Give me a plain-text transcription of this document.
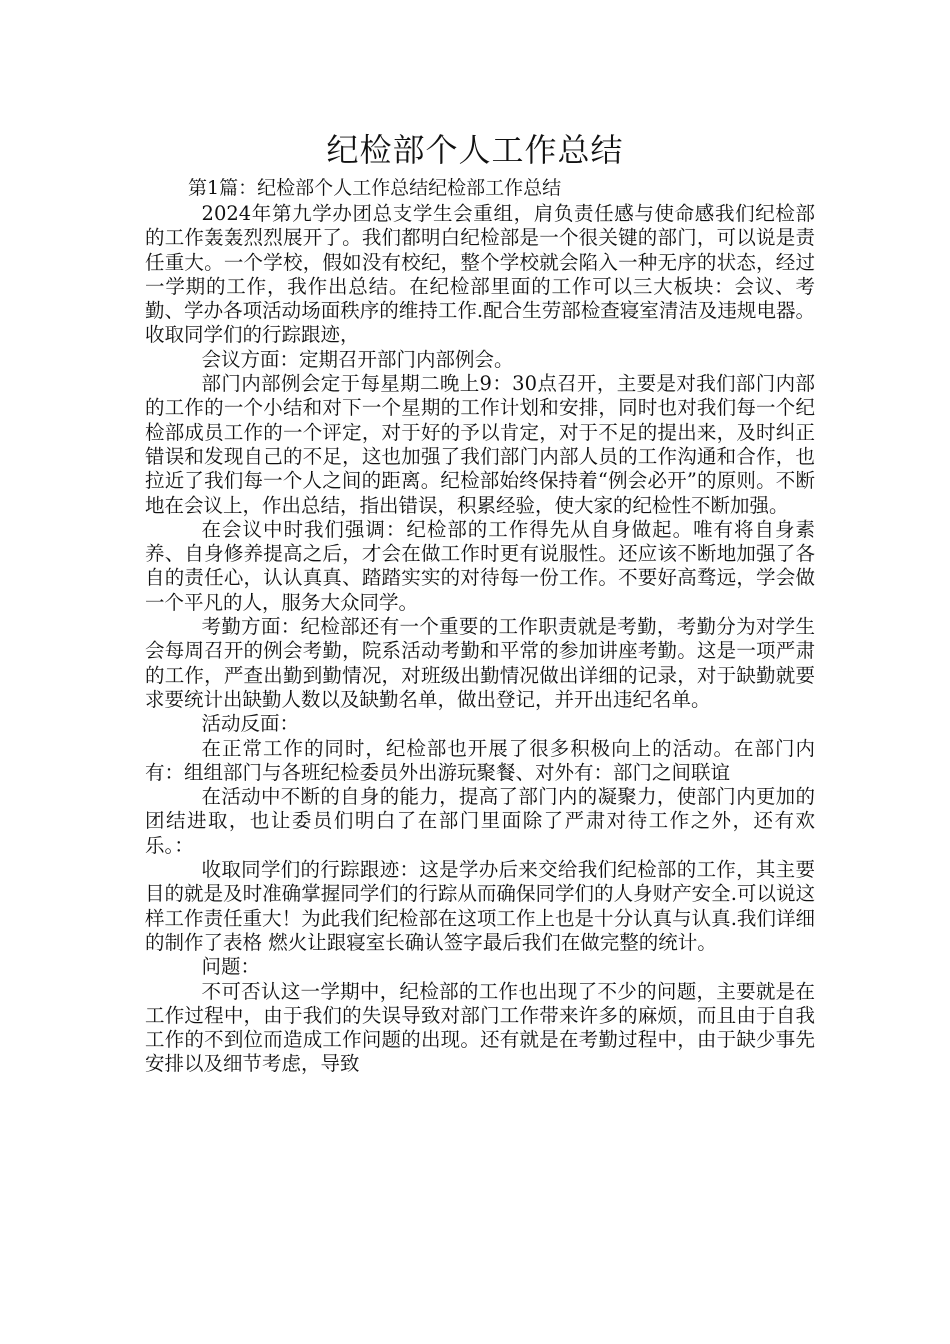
纪检部个人工作总结
第1篇：纪检部个人工作总结纪检部工作总结

2024年第九学办团总支学生会重组，肩负责任感与使命感我们纪检部的工作轰轰烈烈展开了。我们都明白纪检部是一个很关键的部门，可以说是责任重大。一个学校，假如没有校纪，整个学校就会陷入一种无序的状态，经过一学期的工作，我作出总结。在纪检部里面的工作可以三大板块：会议、考勤、学办各项活动场面秩序的维持工作.配合生劳部检查寝室清洁及违规电器。收取同学们的行踪跟迹，

会议方面：定期召开部门内部例会。

部门内部例会定于每星期二晚上9：30点召开，主要是对我们部门内部的工作的一个小结和对下一个星期的工作计划和安排，同时也对我们每一个纪检部成员工作的一个评定，对于好的予以肯定，对于不足的提出来，及时纠正错误和发现自己的不足，这也加强了我们部门内部人员的工作沟通和合作，也拉近了我们每一个人之间的距离。纪检部始终保持着“例会必开”的原则。不断地在会议上，作出总结，指出错误，积累经验，使大家的纪检性不断加强。

在会议中时我们强调：纪检部的工作得先从自身做起。唯有将自身素养、自身修养提高之后，才会在做工作时更有说服性。还应该不断地加强了各自的责任心，认认真真、踏踏实实的对待每一份工作。不要好高骛远，学会做一个平凡的人，服务大众同学。

考勤方面：纪检部还有一个重要的工作职责就是考勤，考勤分为对学生会每周召开的例会考勤，院系活动考勤和平常的参加讲座考勤。这是一项严肃的工作，严查出勤到勤情况，对班级出勤情况做出详细的记录，对于缺勤就要求要统计出缺勤人数以及缺勤名单，做出登记，并开出违纪名单。

活动反面：

在正常工作的同时，纪检部也开展了很多积极向上的活动。在部门内有：组组部门与各班纪检委员外出游玩聚餐、对外有：部门之间联谊

在活动中不断的自身的能力，提高了部门内的凝聚力，使部门内更加的团结进取，也让委员们明白了在部门里面除了严肃对待工作之外，还有欢乐。：

收取同学们的行踪跟迹：这是学办后来交给我们纪检部的工作，其主要目的就是及时准确掌握同学们的行踪从而确保同学们的人身财产安全.可以说这样工作责任重大！为此我们纪检部在这项工作上也是十分认真与认真.我们详细的制作了表格 燃火让跟寝室长确认签字最后我们在做完整的统计。

问题：

不可否认这一学期中，纪检部的工作也出现了不少的问题，主要就是在工作过程中，由于我们的失误导致对部门工作带来许多的麻烦，而且由于自我工作的不到位而造成工作问题的出现。还有就是在考勤过程中，由于缺少事先安排以及细节考虑，导致
